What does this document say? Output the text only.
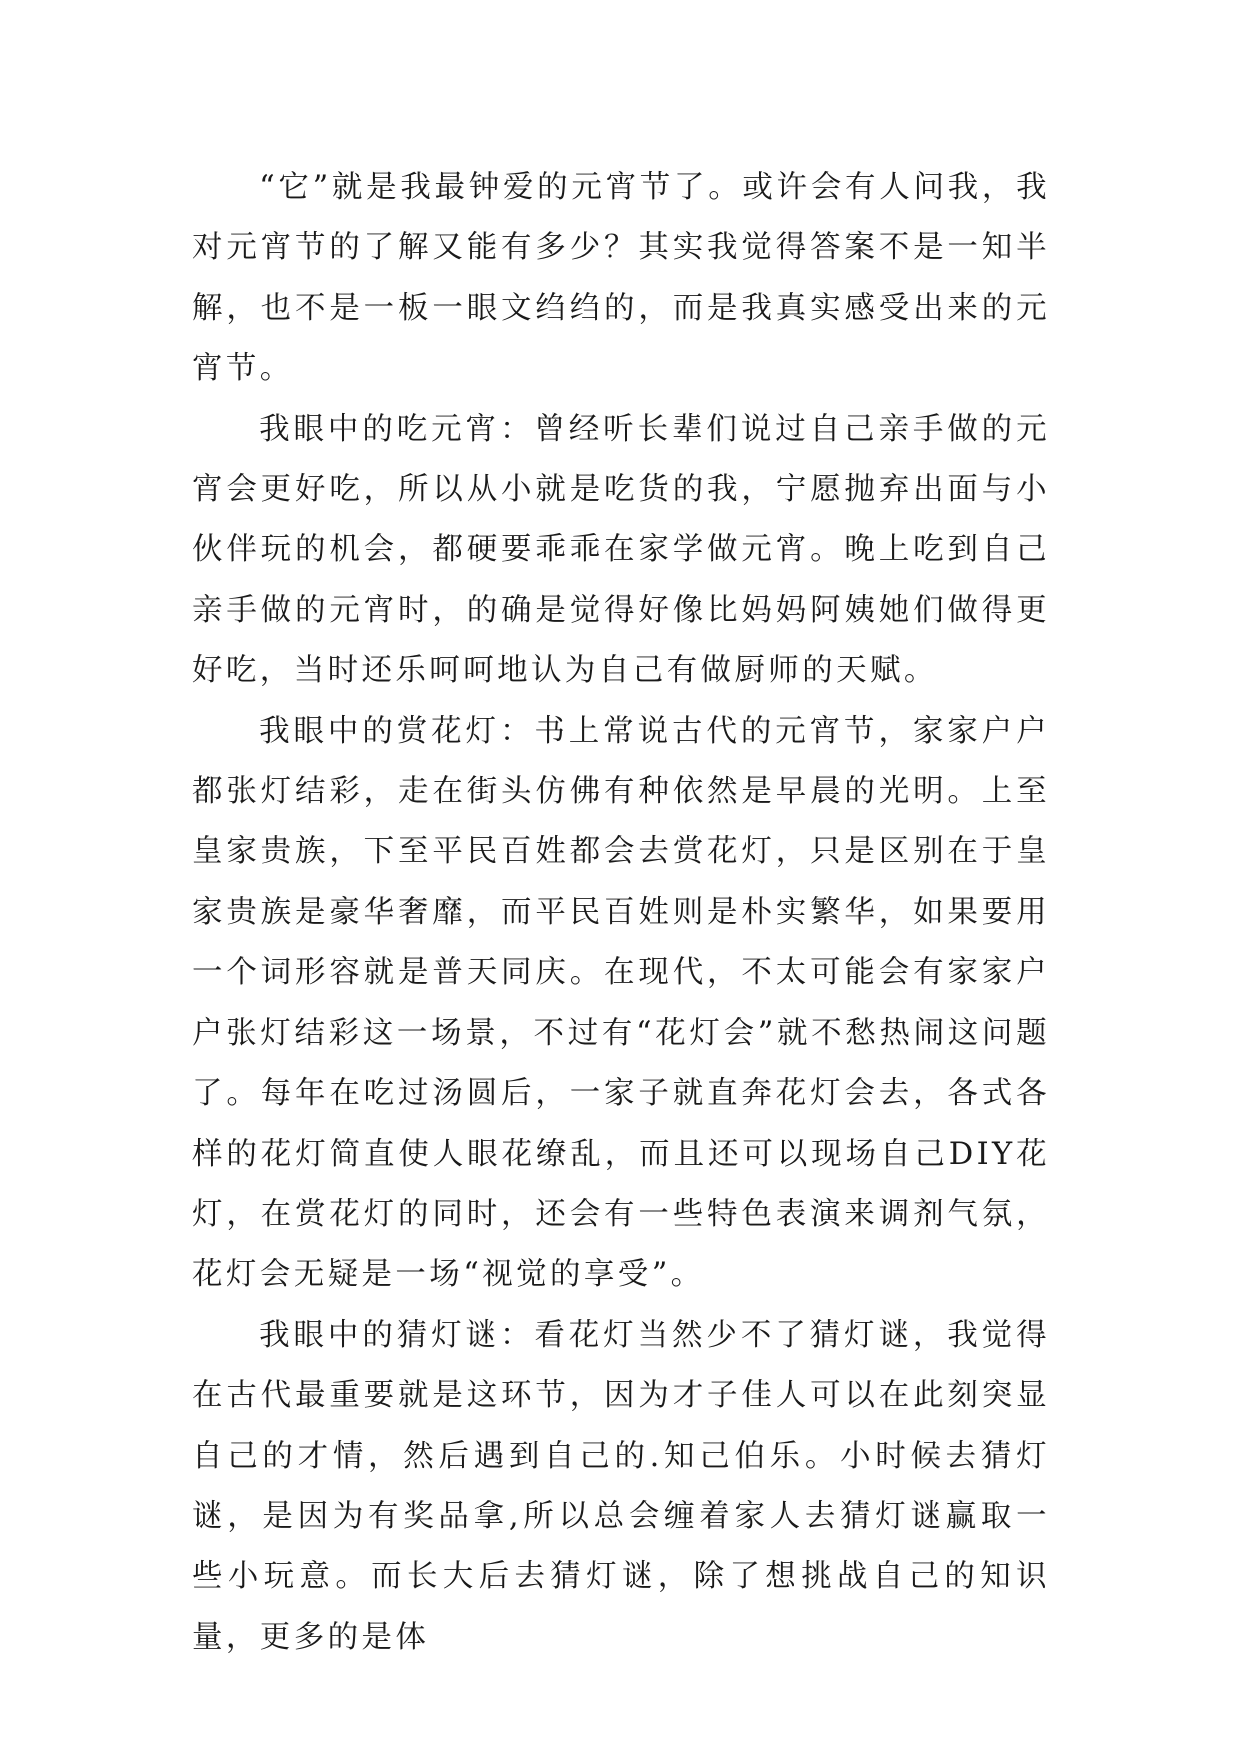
“它”就是我最钟爱的元宵节了。或许会有人问我，我对元宵节的了解又能有多少？其实我觉得答案不是一知半解，也不是一板一眼文绉绉的，而是我真实感受出来的元宵节。

我眼中的吃元宵：曾经听长辈们说过自己亲手做的元宵会更好吃，所以从小就是吃货的我，宁愿抛弃出面与小伙伴玩的机会，都硬要乖乖在家学做元宵。晚上吃到自己亲手做的元宵时，的确是觉得好像比妈妈阿姨她们做得更好吃，当时还乐呵呵地认为自己有做厨师的天赋。

我眼中的赏花灯：书上常说古代的元宵节，家家户户都张灯结彩，走在街头仿佛有种依然是早晨的光明。上至皇家贵族，下至平民百姓都会去赏花灯，只是区别在于皇家贵族是豪华奢靡，而平民百姓则是朴实繁华，如果要用一个词形容就是普天同庆。在现代，不太可能会有家家户户张灯结彩这一场景，不过有“花灯会”就不愁热闹这问题了。每年在吃过汤圆后，一家子就直奔花灯会去，各式各样的花灯简直使人眼花缭乱，而且还可以现场自己DIY花灯，在赏花灯的同时，还会有一些特色表演来调剂气氛，花灯会无疑是一场“视觉的享受”。

我眼中的猜灯谜：看花灯当然少不了猜灯谜，我觉得在古代最重要就是这环节，因为才子佳人可以在此刻突显自己的才情，然后遇到自己的.知己伯乐。小时候去猜灯谜，是因为有奖品拿,所以总会缠着家人去猜灯谜赢取一些小玩意。而长大后去猜灯谜，除了想挑战自己的知识量，更多的是体
